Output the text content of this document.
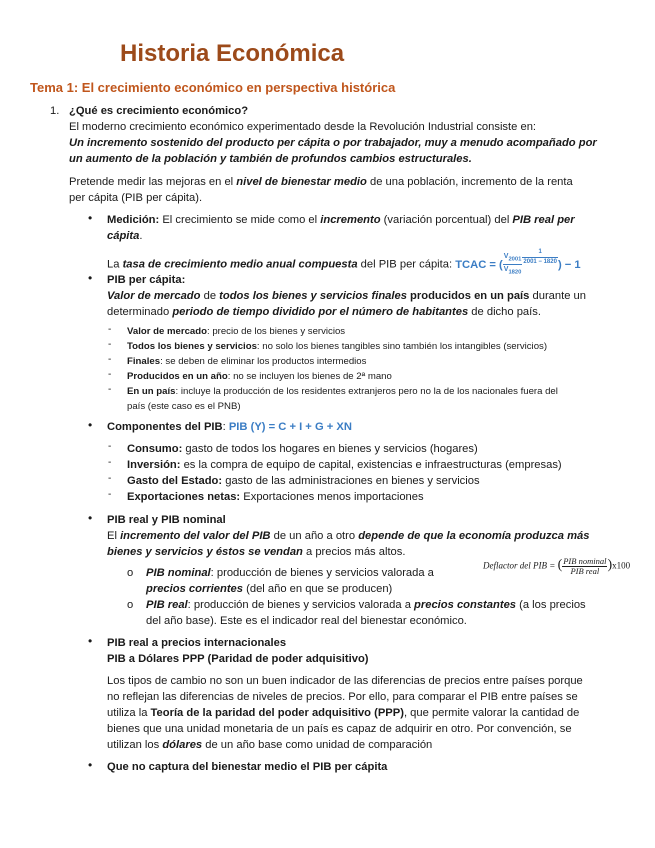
Historia Económica
Tema 1: El crecimiento económico en perspectiva histórica
1. ¿Qué es crecimiento económico?
El moderno crecimiento económico experimentado desde la Revolución Industrial consiste en:
Un incremento sostenido del producto per cápita o por trabajador, muy a menudo acompañado por
un aumento de la población y también de profundos cambios estructurales.
Pretende medir las mejoras en el nivel de bienestar medio de una población, incremento de la renta
per cápita (PIB per cápita).
• Medición: El crecimiento se mide como el incremento (variación porcentual) del PIB real per
cápita.
La tasa de crecimiento medio anual compuesta del PIB per cápita: TCAC = ( $\frac{V_{2001}}{V_{1820}} \frac{1}{2001 - 1820}$ ) − 1
• PIB per cápita:
Valor de mercado de todos los bienes y servicios finales producidos en un país durante un
determinado periodo de tiempo dividido por el número de habitantes de dicho país.
- Valor de mercado: precio de los bienes y servicios
- Todos los bienes y servicios: no solo los bienes tangibles sino también los intangibles (servicios)
- Finales: se deben de eliminar los productos intermedios
- Producidos en un año: no se incluyen los bienes de 2ª mano
- En un país: incluye la producción de los residentes extranjeros pero no la de los nacionales fuera del
país (este caso es el PNB)
• Componentes del PIB: PIB (Y) = C + I + G + XN
- Consumo: gasto de todos los hogares en bienes y servicios (hogares)
- Inversión: es la compra de equipo de capital, existencias e infraestructuras (empresas)
- Gasto del Estado: gasto de las administraciones en bienes y servicios
- Exportaciones netas: Exportaciones menos importaciones
• PIB real y PIB nominal
El incremento del valor del PIB de un año a otro depende de que la economía produzca más
bienes y servicios y éstos se vendan a precios más altos.
o PIB nominal: producción de bienes y servicios valorada a
precios corrientes (del año en que se producen)
Deflactor del PIB = ( $\frac{\text{PIB nominal}}{\text{PIB real}} )x100$
o PIB real: producción de bienes y servicios valorada a precios constantes (a los precios
del año base). Este es el indicador real del bienestar económico.
• PIB real a precios internacionales
PIB a Dólares PPP (Paridad de poder adquisitivo)
Los tipos de cambio no son un buen indicador de las diferencias de precios entre países porque
no reflejan las diferencias de niveles de precios. Por ello, para comparar el PIB entre países se
utiliza la Teoría de la paridad del poder adquisitivo (PPP), que permite valorar la cantidad de
bienes que una unidad monetaria de un país es capaz de adquirir en otro. Por convención, se
utilizan los dólares de un año base como unidad de comparación
• Que no captura del bienestar medio el PIB per cápita
